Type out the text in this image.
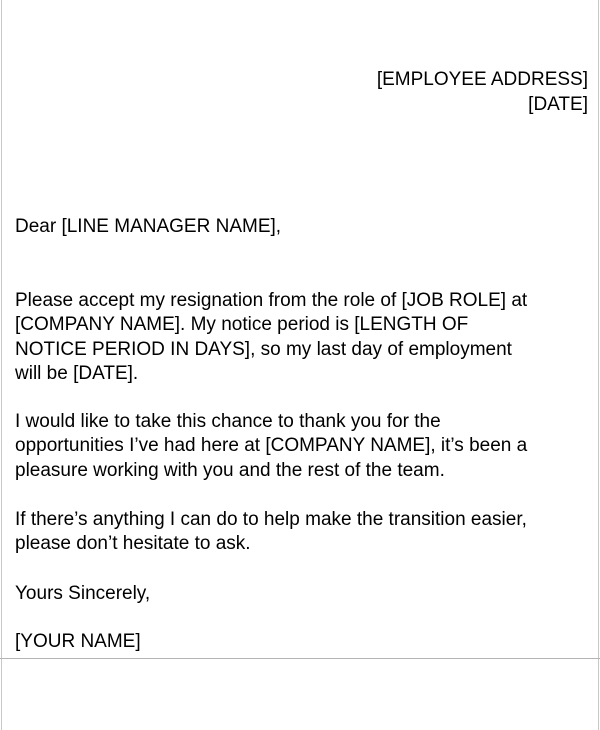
[EMPLOYEE ADDRESS]
[DATE]
Dear [LINE MANAGER NAME],
Please accept my resignation from the role of [JOB ROLE] at
[COMPANY NAME]. My notice period is [LENGTH OF
NOTICE PERIOD IN DAYS], so my last day of employment
will be [DATE].
I would like to take this chance to thank you for the
opportunities I’ve had here at [COMPANY NAME], it’s been a
pleasure working with you and the rest of the team.
If there’s anything I can do to help make the transition easier,
please don’t hesitate to ask.
Yours Sincerely,
[YOUR NAME]
